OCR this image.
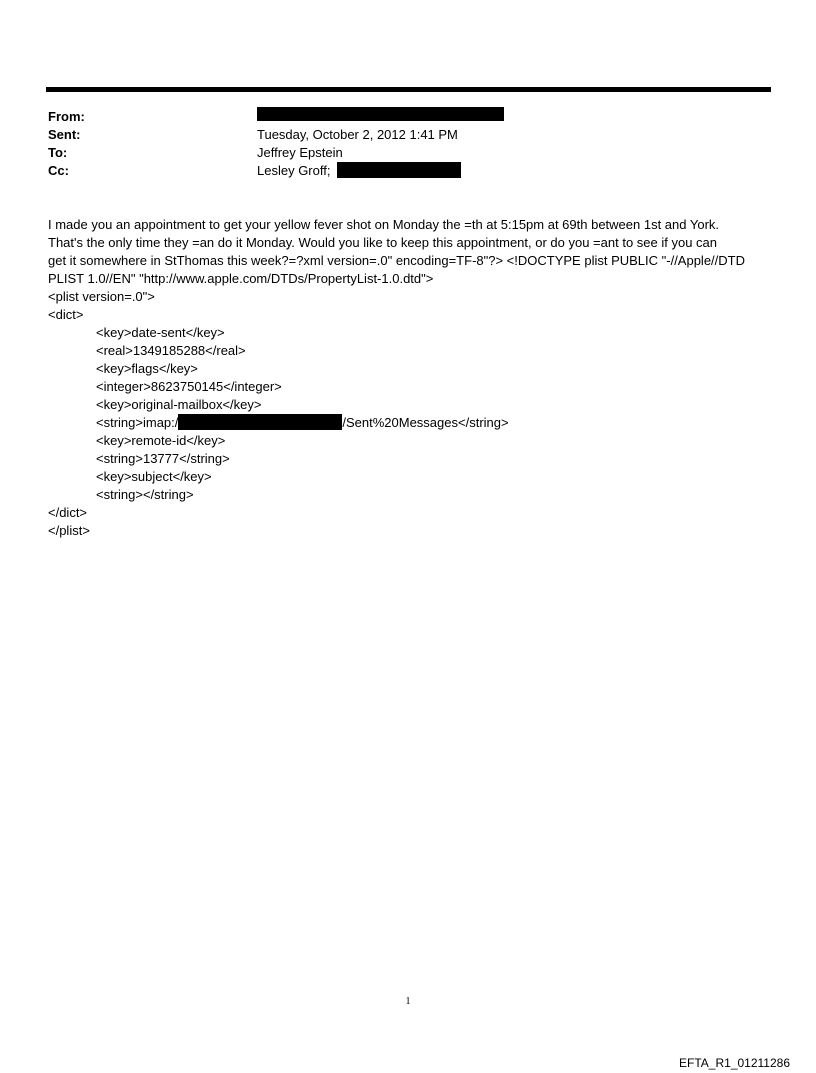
From:
Sent:
To:
Cc:
Tuesday, October 2, 2012 1:41 PM
Jeffrey Epstein
Lesley Groff;
I made you an appointment to get your yellow fever shot on Monday the =th at 5:15pm at 69th between 1st and York.
That's the only time they =an do it Monday. Would you like to keep this appointment, or do you =ant to see if you can
get it somewhere in StThomas this week?=?xml version=.0" encoding=TF-8"?> <!DOCTYPE plist PUBLIC "-//Apple//DTD
PLIST 1.0//EN" "http://www.apple.com/DTDs/PropertyList-1.0.dtd">
<plist version=.0">
<dict>
<key>date-sent</key>
<real>1349185288</real>
<key>flags</key>
<integer>8623750145</integer>
<key>original-mailbox</key>
<string>imap:/	/Sent%20Messages</string>
<key>remote-id</key>
<string>13777</string>
<key>subject</key>
<string></string>
</dict>
</plist>
1
EFTA_R1_01211286
